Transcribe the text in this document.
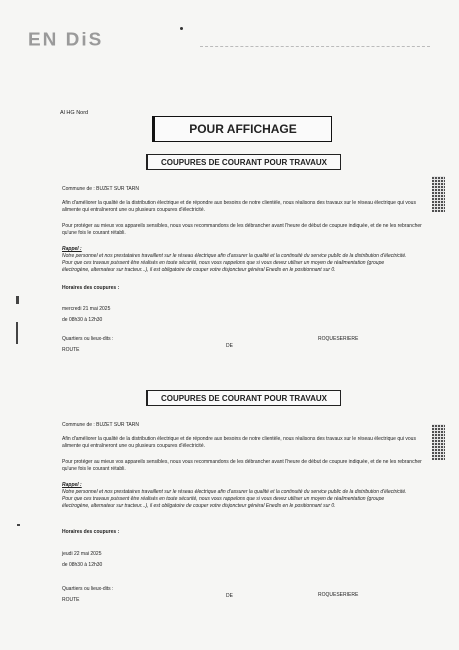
EN DiS
Al HG Nord
POUR AFFICHAGE
COUPURES DE COURANT POUR TRAVAUX

Commune de : BUZET SUR TARN

Afin d'améliorer la qualité de la distribution électrique et de répondre aux besoins de notre clientèle, nous réalisons des travaux sur le réseau électrique qui vous alimente qui entraîneront une ou plusieurs coupures d'électricité.

Pour protéger au mieux vos appareils sensibles, nous vous recommandons de les débrancher avant l'heure de début de coupure indiquée, et de ne les rebrancher qu'une fois le courant rétabli.

Rappel :
Notre personnel et nos prestataires travaillent sur le réseau électrique afin d'assurer la qualité et la continuité du service public de la distribution d'électricité. Pour que ces travaux puissent être réalisés en toute sécurité, nous vous rappelons que si vous devez utiliser un moyen de réalimentation (groupe électrogène, alternateur sur tracteur...), il est obligatoire de couper votre disjoncteur général Enedis en le positionnant sur 0.

Horaires des coupures :

mercredi 21 mai 2025

de 08h30 à 12h30

Quartiers ou lieux-dits :

ROUTE

DE

ROQUESERIERE

COUPURES DE COURANT POUR TRAVAUX

Commune de : BUZET SUR TARN

Afin d'améliorer la qualité de la distribution électrique et de répondre aux besoins de notre clientèle, nous réalisons des travaux sur le réseau électrique qui vous alimente qui entraîneront une ou plusieurs coupures d'électricité.

Pour protéger au mieux vos appareils sensibles, nous vous recommandons de les débrancher avant l'heure de début de coupure indiquée, et de ne les rebrancher qu'une fois le courant rétabli.

Rappel :
Notre personnel et nos prestataires travaillent sur le réseau électrique afin d'assurer la qualité et la continuité du service public de la distribution d'électricité. Pour que ces travaux puissent être réalisés en toute sécurité, nous vous rappelons que si vous devez utiliser un moyen de réalimentation (groupe électrogène, alternateur sur tracteur...), il est obligatoire de couper votre disjoncteur général Enedis en le positionnant sur 0.

Horaires des coupures :

jeudi 22 mai 2025

de 08h30 à 12h30

Quartiers ou lieux-dits :

ROUTE

DE	ROQUESERIERE
